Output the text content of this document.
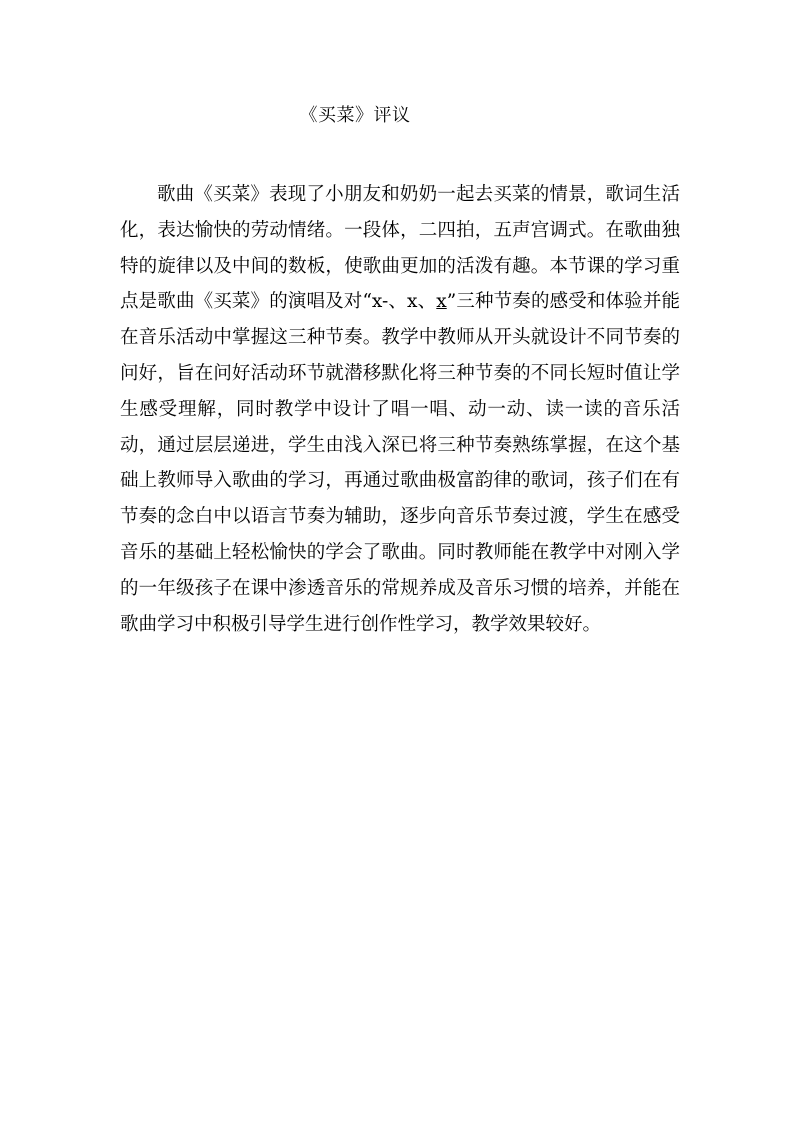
《买菜》评议

歌曲《买菜》表现了小朋友和奶奶一起去买菜的情景，歌词生活化，表达愉快的劳动情绪。一段体，二四拍，五声宫调式。在歌曲独特的旋律以及中间的数板，使歌曲更加的活泼有趣。本节课的学习重点是歌曲《买菜》的演唱及对“x-、x、x”三种节奏的感受和体验并能在音乐活动中掌握这三种节奏。教学中教师从开头就设计不同节奏的问好，旨在问好活动环节就潜移默化将三种节奏的不同长短时值让学生感受理解，同时教学中设计了唱一唱、动一动、读一读的音乐活动，通过层层递进，学生由浅入深已将三种节奏熟练掌握，在这个基础上教师导入歌曲的学习，再通过歌曲极富韵律的歌词，孩子们在有节奏的念白中以语言节奏为辅助，逐步向音乐节奏过渡，学生在感受音乐的基础上轻松愉快的学会了歌曲。同时教师能在教学中对刚入学的一年级孩子在课中渗透音乐的常规养成及音乐习惯的培养，并能在歌曲学习中积极引导学生进行创作性学习，教学效果较好。
